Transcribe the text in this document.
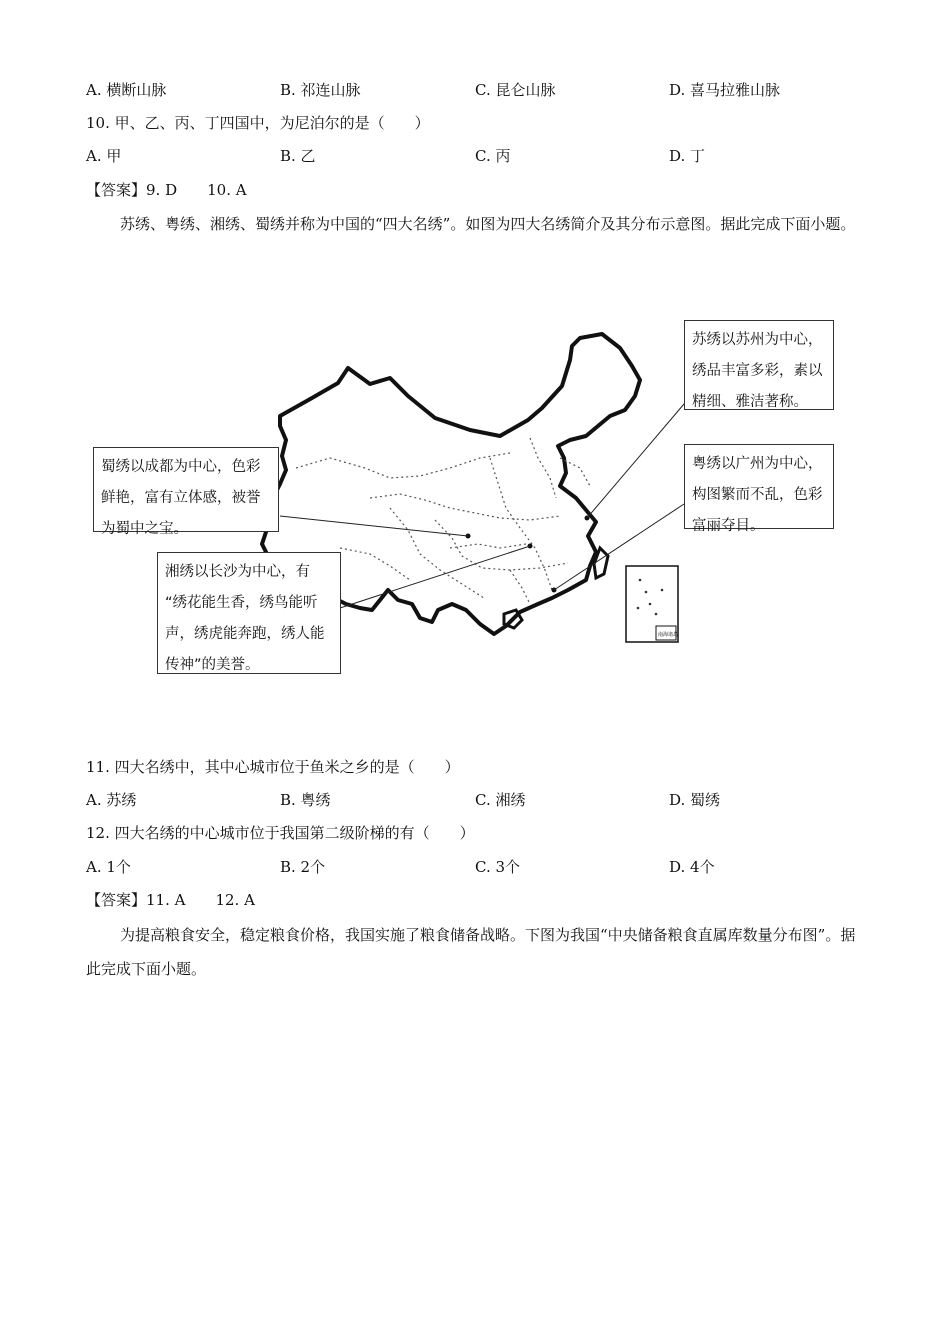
A. 横断山脉	B. 祁连山脉	C. 昆仑山脉	D. 喜马拉雅山脉
10. 甲、乙、丙、丁四国中，为尼泊尔的是（　　）
A. 甲	B. 乙	C. 丙	D. 丁
【答案】9. D　　10. A
苏绣、粤绣、湘绣、蜀绣并称为中国的“四大名绣”。如图为四大名绣简介及其分布示意图。据此完成下面小题。
南海诸岛
蜀绣以成都为中心，色彩
鲜艳，富有立体感，被誉
为蜀中之宝。
湘绣以长沙为中心，有
“绣花能生香，绣鸟能听
声，绣虎能奔跑，绣人能
传神”的美誉。
苏绣以苏州为中心，
绣品丰富多彩，素以
精细、雅洁著称。
粤绣以广州为中心，
构图繁而不乱，色彩
富丽夺目。
11. 四大名绣中，其中心城市位于鱼米之乡的是（　　）
A. 苏绣	B. 粤绣	C. 湘绣	D. 蜀绣
12. 四大名绣的中心城市位于我国第二级阶梯的有（　　）
A. 1个	B. 2个	C. 3个	D. 4个
【答案】11. A　　12. A
为提高粮食安全，稳定粮食价格，我国实施了粮食储备战略。下图为我国“中央储备粮食直属库数量分布图”。据此完成下面小题。
